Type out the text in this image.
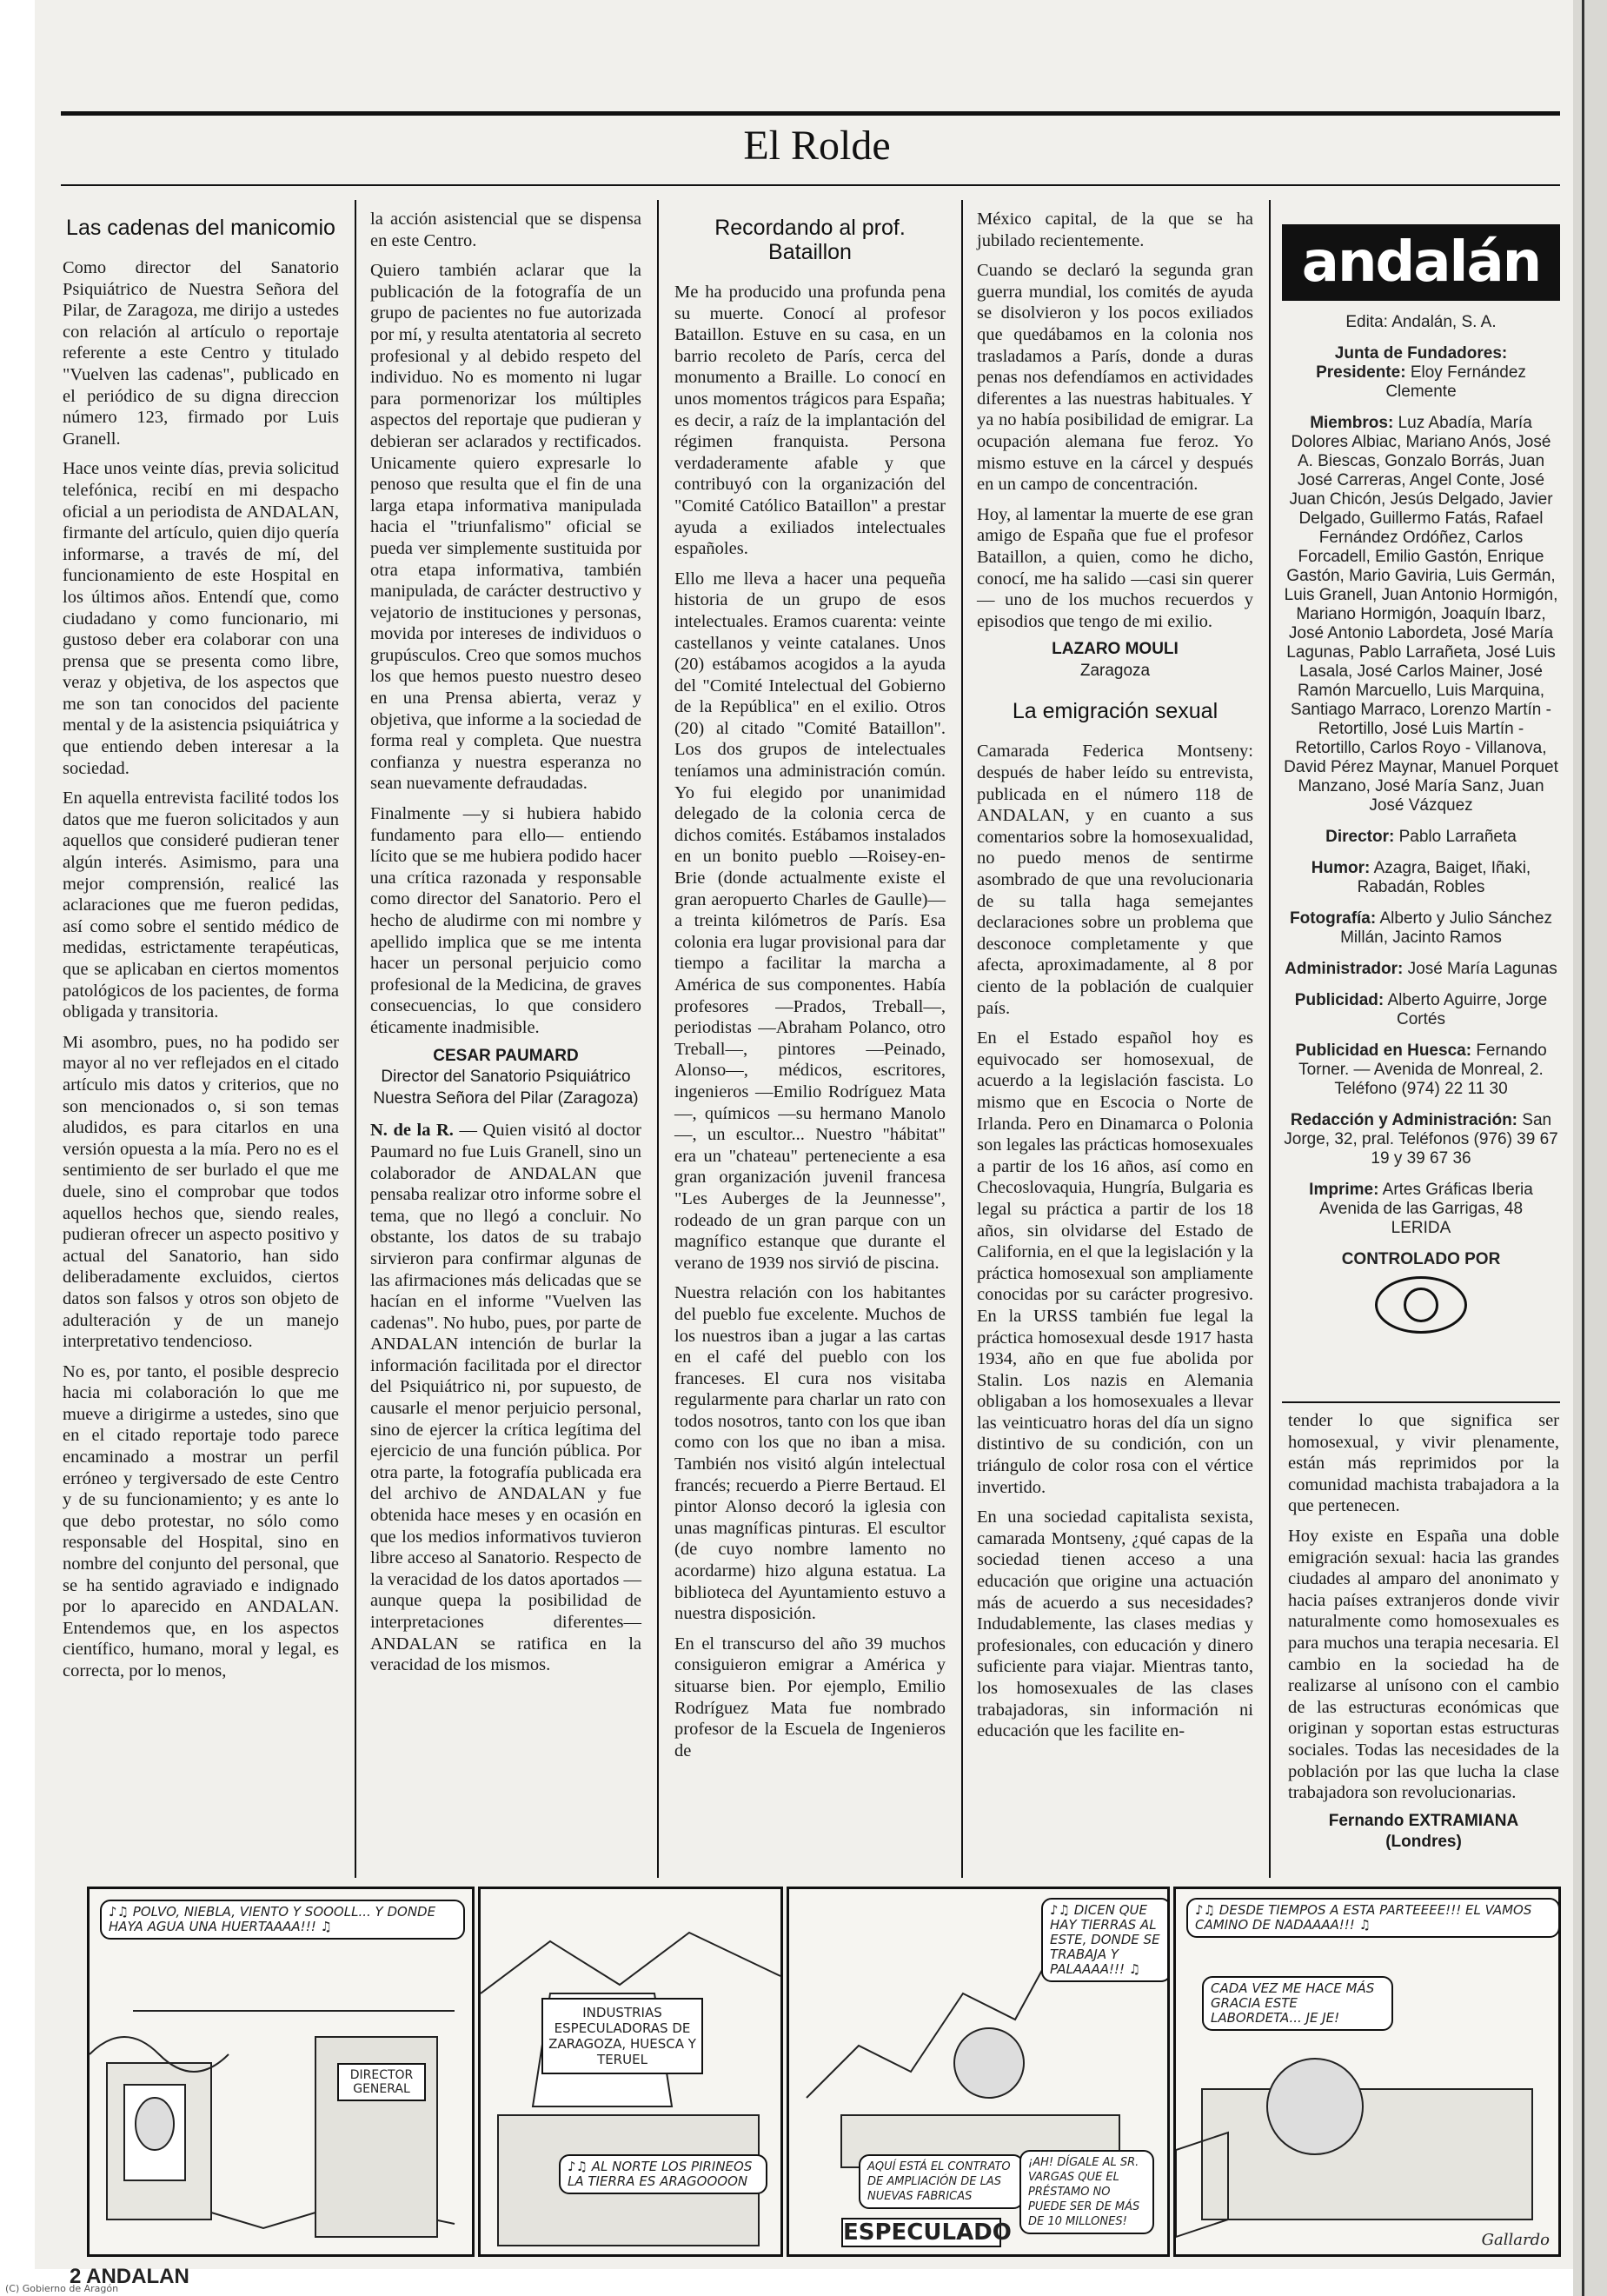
El Rolde
Las cadenas del manicomio

Como director del Sanatorio Psiquiátrico de Nuestra Señora del Pilar, de Zaragoza, me dirijo a ustedes con relación al artículo o reportaje referente a este Centro y titulado "Vuelven las cadenas", publicado en el periódico de su digna direccion número 123, firmado por Luis Granell.

Hace unos veinte días, previa solicitud telefónica, recibí en mi despacho oficial a un periodista de ANDALAN, firmante del artículo, quien dijo quería informarse, a través de mí, del funcionamiento de este Hospital en los últimos años. Entendí que, como ciudadano y como funcionario, mi gustoso deber era colaborar con una prensa que se presenta como libre, veraz y objetiva, de los aspectos que me son tan conocidos del paciente mental y de la asistencia psiquiátrica y que entiendo deben interesar a la sociedad.

En aquella entrevista facilité todos los datos que me fueron solicitados y aun aquellos que consideré pudieran tener algún interés. Asimismo, para una mejor comprensión, realicé las aclaraciones que me fueron pedidas, así como sobre el sentido médico de medidas, estrictamente terapéuticas, que se aplicaban en ciertos momentos patológicos de los pacientes, de forma obligada y transitoria.

Mi asombro, pues, no ha podido ser mayor al no ver reflejados en el citado artículo mis datos y criterios, que no son mencionados o, si son temas aludidos, es para citarlos en una versión opuesta a la mía. Pero no es el sentimiento de ser burlado el que me duele, sino el comprobar que todos aquellos hechos que, siendo reales, pudieran ofrecer un aspecto positivo y actual del Sanatorio, han sido deliberadamente excluidos, ciertos datos son falsos y otros son objeto de adulteración y de un manejo interpretativo tendencioso.

No es, por tanto, el posible desprecio hacia mi colaboración lo que me mueve a dirigirme a ustedes, sino que en el citado reportaje todo parece encaminado a mostrar un perfil erróneo y tergiversado de este Centro y de su funcionamiento; y es ante lo que debo protestar, no sólo como responsable del Hospital, sino en nombre del conjunto del personal, que se ha sentido agraviado e indignado por lo aparecido en ANDALAN. Entendemos que, en los aspectos científico, humano, moral y legal, es correcta, por lo menos,

la acción asistencial que se dispensa en este Centro.

Quiero también aclarar que la publicación de la fotografía de un grupo de pacientes no fue autorizada por mí, y resulta atentatoria al secreto profesional y al debido respeto del individuo. No es momento ni lugar para pormenorizar los múltiples aspectos del reportaje que pudieran y debieran ser aclarados y rectificados. Unicamente quiero expresarle lo penoso que resulta que el fin de una larga etapa informativa manipulada hacia el "triunfalismo" oficial se pueda ver simplemente sustituida por otra etapa informativa, también manipulada, de carácter destructivo y vejatorio de instituciones y personas, movida por intereses de individuos o grupúsculos. Creo que somos muchos los que hemos puesto nuestro deseo en una Prensa abierta, veraz y objetiva, que informe a la sociedad de forma real y completa. Que nuestra confianza y nuestra esperanza no sean nuevamente defraudadas.

Finalmente —y si hubiera habido fundamento para ello— entiendo lícito que se me hubiera podido hacer una crítica razonada y responsable como director del Sanatorio. Pero el hecho de aludirme con mi nombre y apellido implica que se me intenta hacer un personal perjuicio como profesional de la Medicina, de graves consecuencias, lo que considero éticamente inadmisible.

CESAR PAUMARD
Director del Sanatorio Psiquiátrico Nuestra Señora del Pilar (Zaragoza)

N. de la R. — Quien visitó al doctor Paumard no fue Luis Granell, sino un colaborador de ANDALAN que pensaba realizar otro informe sobre el tema, que no llegó a concluir. No obstante, los datos de su trabajo sirvieron para confirmar algunas de las afirmaciones más delicadas que se hacían en el informe "Vuelven las cadenas". No hubo, pues, por parte de ANDALAN intención de burlar la información facilitada por el director del Psiquiátrico ni, por supuesto, de causarle el menor perjuicio personal, sino de ejercer la crítica legítima del ejercicio de una función pública. Por otra parte, la fotografía publicada era del archivo de ANDALAN y fue obtenida hace meses y en ocasión en que los medios informativos tuvieron libre acceso al Sanatorio. Respecto de la veracidad de los datos aportados —aunque quepa la posibilidad de interpretaciones diferentes— ANDALAN se ratifica en la veracidad de los mismos.

Recordando al prof. Bataillon

Me ha producido una profunda pena su muerte. Conocí al profesor Bataillon. Estuve en su casa, en un barrio recoleto de París, cerca del monumento a Braille. Lo conocí en unos momentos trágicos para España; es decir, a raíz de la implantación del régimen franquista. Persona verdaderamente afable y que contribuyó con la organización del "Comité Católico Bataillon" a prestar ayuda a exiliados intelectuales españoles.

Ello me lleva a hacer una pequeña historia de un grupo de esos intelectuales. Eramos cuarenta: veinte castellanos y veinte catalanes. Unos (20) estábamos acogidos a la ayuda del "Comité Intelectual del Gobierno de la República" en el exilio. Otros (20) al citado "Comité Bataillon". Los dos grupos de intelectuales teníamos una administración común. Yo fui elegido por unanimidad delegado de la colonia cerca de dichos comités. Estábamos instalados en un bonito pueblo —Roisey-en-Brie (donde actualmente existe el gran aeropuerto Charles de Gaulle)— a treinta kilómetros de París. Esa colonia era lugar provisional para dar tiempo a facilitar la marcha a América de sus componentes. Había profesores —Prados, Treball—, periodistas —Abraham Polanco, otro Treball—, pintores —Peinado, Alonso—, médicos, escritores, ingenieros —Emilio Rodríguez Mata—, químicos —su hermano Manolo—, un escultor... Nuestro "hábitat" era un "chateau" perteneciente a esa gran organización juvenil francesa "Les Auberges de la Jeunnesse", rodeado de un gran parque con un magnífico estanque que durante el verano de 1939 nos sirvió de piscina.

Nuestra relación con los habitantes del pueblo fue excelente. Muchos de los nuestros iban a jugar a las cartas en el café del pueblo con los franceses. El cura nos visitaba regularmente para charlar un rato con todos nosotros, tanto con los que iban como con los que no iban a misa. También nos visitó algún intelectual francés; recuerdo a Pierre Bertaud. El pintor Alonso decoró la iglesia con unas magníficas pinturas. El escultor (de cuyo nombre lamento no acordarme) hizo alguna estatua. La biblioteca del Ayuntamiento estuvo a nuestra disposición.

En el transcurso del año 39 muchos consiguieron emigrar a América y situarse bien. Por ejemplo, Emilio Rodríguez Mata fue nombrado profesor de la Escuela de Ingenieros de

México capital, de la que se ha jubilado recientemente.

Cuando se declaró la segunda gran guerra mundial, los comités de ayuda se disolvieron y los pocos exiliados que quedábamos en la colonia nos trasladamos a París, donde a duras penas nos defendíamos en actividades diferentes a las nuestras habituales. Y ya no había posibilidad de emigrar. La ocupación alemana fue feroz. Yo mismo estuve en la cárcel y después en un campo de concentración.

Hoy, al lamentar la muerte de ese gran amigo de España que fue el profesor Bataillon, a quien, como he dicho, conocí, me ha salido —casi sin querer— uno de los muchos recuerdos y episodios que tengo de mi exilio.

LAZARO MOULI
Zaragoza
La emigración sexual

Camarada Federica Montseny: después de haber leído su entrevista, publicada en el número 118 de ANDALAN, y en cuanto a sus comentarios sobre la homosexualidad, no puedo menos de sentirme asombrado de que una revolucionaria de su talla haga semejantes declaraciones sobre un problema que desconoce completamente y que afecta, aproximadamente, al 8 por ciento de la población de cualquier país.

En el Estado español hoy es equivocado ser homosexual, de acuerdo a la legislación fascista. Lo mismo que en Escocia o Norte de Irlanda. Pero en Dinamarca o Polonia son legales las prácticas homosexuales a partir de los 16 años, así como en Checoslovaquia, Hungría, Bulgaria es legal su práctica a partir de los 18 años, sin olvidarse del Estado de California, en el que la legislación y la práctica homosexual son ampliamente conocidas por su carácter progresivo. En la URSS también fue legal la práctica homosexual desde 1917 hasta 1934, año en que fue abolida por Stalin. Los nazis en Alemania obligaban a los homosexuales a llevar las veinticuatro horas del día un signo distintivo de su condición, con un triángulo de color rosa con el vértice invertido.

En una sociedad capitalista sexista, camarada Montseny, ¿qué capas de la sociedad tienen acceso a una educación que origine una actuación más de acuerdo a sus necesidades? Indudablemente, las clases medias y profesionales, con educación y dinero suficiente para viajar. Mientras tanto, los homosexuales de las clases trabajadoras, sin información ni educación que les facilite en-

andalán
Edita: Andalán, S. A.
Junta de Fundadores:
Presidente: Eloy Fernández Clemente
Miembros: Luz Abadía, María Dolores Albiac, Mariano Anós, José A. Biescas, Gonzalo Borrás, Juan José Carreras, Angel Conte, José Juan Chicón, Jesús Delgado, Javier Delgado, Guillermo Fatás, Rafael Fernández Ordóñez, Carlos Forcadell, Emilio Gastón, Enrique Gastón, Mario Gaviria, Luis Germán, Luis Granell, Juan Antonio Hormigón, Mariano Hormigón, Joaquín Ibarz, José Antonio Labordeta, José María Lagunas, Pablo Larrañeta, José Luis Lasala, José Carlos Mainer, José Ramón Marcuello, Luis Marquina, Santiago Marraco, Lorenzo Martín - Retortillo, José Luis Martín - Retortillo, Carlos Royo - Villanova, David Pérez Maynar, Manuel Porquet Manzano, José María Sanz, Juan José Vázquez
Director: Pablo Larrañeta
Humor: Azagra, Baiget, Iñaki, Rabadán, Robles
Fotografía: Alberto y Julio Sánchez Millán, Jacinto Ramos
Administrador: José María Lagunas
Publicidad: Alberto Aguirre, Jorge Cortés
Publicidad en Huesca: Fernando Torner. — Avenida de Monreal, 2. Teléfono (974) 22 11 30
Redacción y Administración: San Jorge, 32, pral. Teléfonos (976) 39 67 19 y 39 67 36
Imprime: Artes Gráficas Iberia Avenida de las Garrigas, 48
LERIDA
CONTROLADO POR

tender lo que significa ser homosexual, y vivir plenamente, están más reprimidos por la comunidad machista trabajadora a la que pertenecen.

Hoy existe en España una doble emigración sexual: hacia las grandes ciudades al amparo del anonimato y hacia países extranjeros donde vivir naturalmente como homosexuales es para muchos una terapia necesaria. El cambio en la sociedad ha de realizarse al unísono con el cambio de las estructuras económicas que originan y soportan estas estructuras sociales. Todas las necesidades de la población por las que lucha la clase trabajadora son revolucionarias.

Fernando EXTRAMIANA
(Londres)
♪♫ POLVO, NIEBLA, VIENTO Y SOOOLL... Y DONDE HAYA AGUA UNA HUERTAAAA!!! ♫
DIRECTOR GENERAL
INDUSTRIAS ESPECULADORAS DE ZARAGOZA, HUESCA Y TERUEL
♪♫ AL NORTE LOS PIRINEOS LA TIERRA ES ARAGOOOON
♪♫ DICEN QUE HAY TIERRAS AL ESTE, DONDE SE TRABAJA Y PALAAAA!!! ♫
AQUÍ ESTÁ EL CONTRATO DE AMPLIACIÓN DE LAS NUEVAS FABRICAS
¡AH! DÍGALE AL SR. VARGAS QUE EL PRÉSTAMO NO PUEDE SER DE MÁS DE 10 MILLONES!
ESPECULADO
♪♫ DESDE TIEMPOS A ESTA PARTEEEE!!! EL VAMOS CAMINO DE NADAAAA!!! ♫
CADA VEZ ME HACE MÁS GRACIA ESTE LABORDETA... JE JE!
Gallardo
2 ANDALAN
(C) Gobierno de Aragón
